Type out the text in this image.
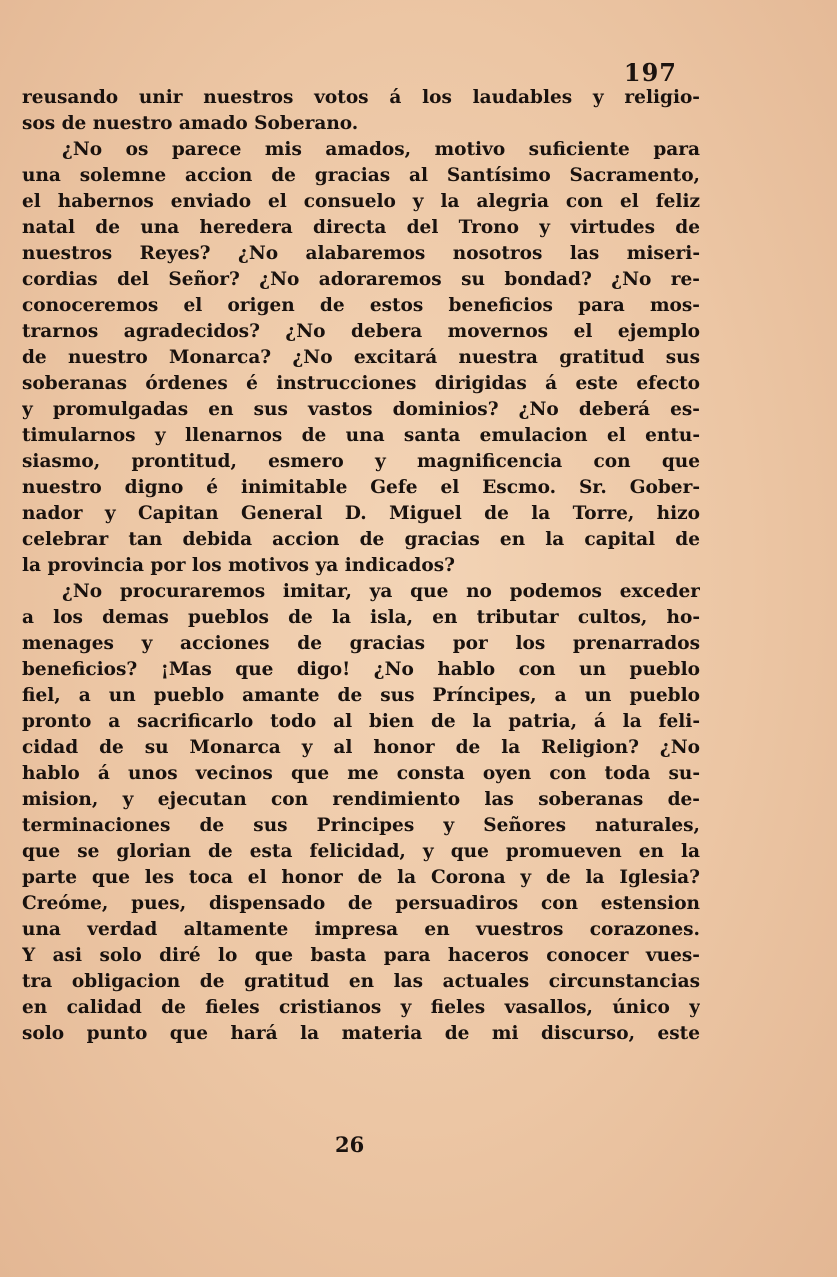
197
reusando unir nuestros votos á los laudables y religio-
sos de nuestro amado Soberano.
¿No os parece mis amados, motivo suficiente para
una solemne accion de gracias al Santísimo Sacramento,
el habernos enviado el consuelo y la alegria con el feliz
natal de una heredera directa del Trono y virtudes de
nuestros Reyes? ¿No alabaremos nosotros las miseri-
cordias del Señor? ¿No adoraremos su bondad? ¿No re-
conoceremos el origen de estos beneficios para mos-
trarnos agradecidos? ¿No debera movernos el ejemplo
de nuestro Monarca? ¿No excitará nuestra gratitud sus
soberanas órdenes é instrucciones dirigidas á este efecto
y promulgadas en sus vastos dominios? ¿No deberá es-
timularnos y llenarnos de una santa emulacion el entu-
siasmo, prontitud, esmero y magnificencia con que
nuestro digno é inimitable Gefe el Escmo. Sr. Gober-
nador y Capitan General D. Miguel de la Torre, hizo
celebrar tan debida accion de gracias en la capital de
la provincia por los motivos ya indicados?
¿No procuraremos imitar, ya que no podemos exceder
a los demas pueblos de la isla, en tributar cultos, ho-
menages y acciones de gracias por los prenarrados
beneficios? ¡Mas que digo! ¿No hablo con un pueblo
fiel, a un pueblo amante de sus Príncipes, a un pueblo
pronto a sacrificarlo todo al bien de la patria, á la feli-
cidad de su Monarca y al honor de la Religion? ¿No
hablo á unos vecinos que me consta oyen con toda su-
mision, y ejecutan con rendimiento las soberanas de-
terminaciones de sus Principes y Señores naturales,
que se glorian de esta felicidad, y que promueven en la
parte que les toca el honor de la Corona y de la Iglesia?
Creóme, pues, dispensado de persuadiros con estension
una verdad altamente impresa en vuestros corazones.
Y asi solo diré lo que basta para haceros conocer vues-
tra obligacion de gratitud en las actuales circunstancias
en calidad de fieles cristianos y fieles vasallos, único y
solo punto que hará la materia de mi discurso, este
26
